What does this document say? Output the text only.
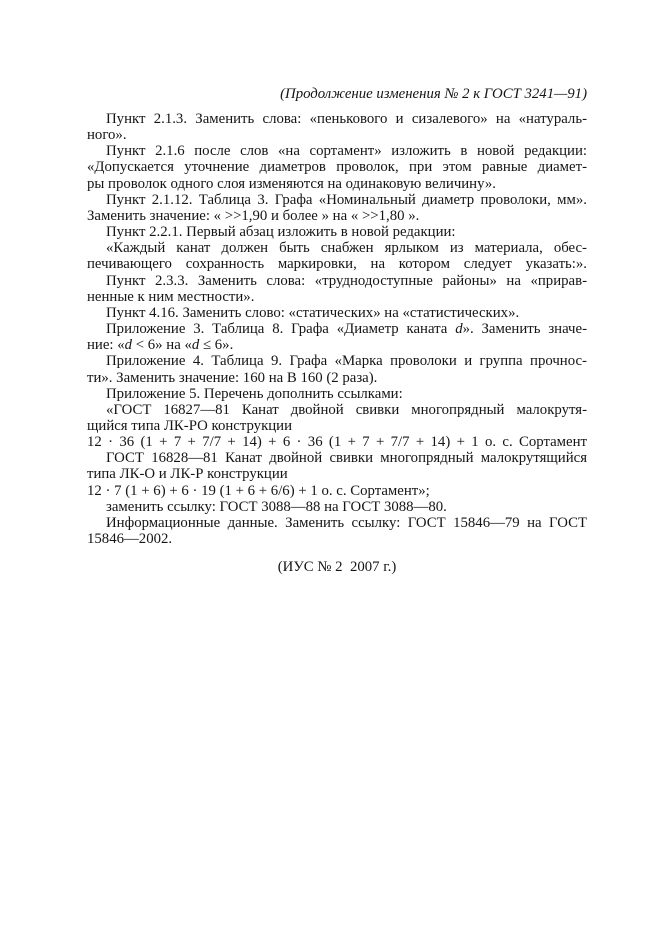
(Продолжение изменения № 2 к ГОСТ 3241—91)
Пункт 2.1.3. Заменить слова: «пенькового и сизалевого» на «натураль-
ного».
Пункт 2.1.6 после слов «на сортамент» изложить в новой редакции:
«Допускается уточнение диаметров проволок, при этом равные диамет-
ры проволок одного слоя изменяются на одинаковую величину».
Пункт 2.1.12. Таблица 3. Графа «Номинальный диаметр проволоки, мм».
Заменить значение: « >>1,90 и более » на « >>1,80 ».
Пункт 2.2.1. Первый абзац изложить в новой редакции:
«Каждый канат должен быть снабжен ярлыком из материала, обес-
печивающего сохранность маркировки, на котором следует указать:».
Пункт 2.3.3. Заменить слова: «труднодоступные районы» на «прирав-
ненные к ним местности».
Пункт 4.16. Заменить слово: «статических» на «статистических».
Приложение 3. Таблица 8. Графа «Диаметр каната d». Заменить значе-
ние: «d < 6» на «d ≤ 6».
Приложение 4. Таблица 9. Графа «Марка проволоки и группа прочнос-
ти». Заменить значение: 160 на В 160 (2 раза).
Приложение 5. Перечень дополнить ссылками:
«ГОСТ 16827—81 Канат двойной свивки многопрядный малокрутя-
щийся типа ЛК-РО конструкции
12 · 36 (1 + 7 + 7/7 + 14) + 6 · 36 (1 + 7 + 7/7 + 14) + 1 о. с. Сортамент
ГОСТ 16828—81 Канат двойной свивки многопрядный малокрутящийся
типа ЛК-О и ЛК-Р конструкции
12 · 7 (1 + 6) + 6 · 19 (1 + 6 + 6/6) + 1 о. с. Сортамент»;
заменить ссылку: ГОСТ 3088—88 на ГОСТ 3088—80.
Информационные данные. Заменить ссылку: ГОСТ 15846—79 на ГОСТ
15846—2002.
(ИУС № 2  2007 г.)
